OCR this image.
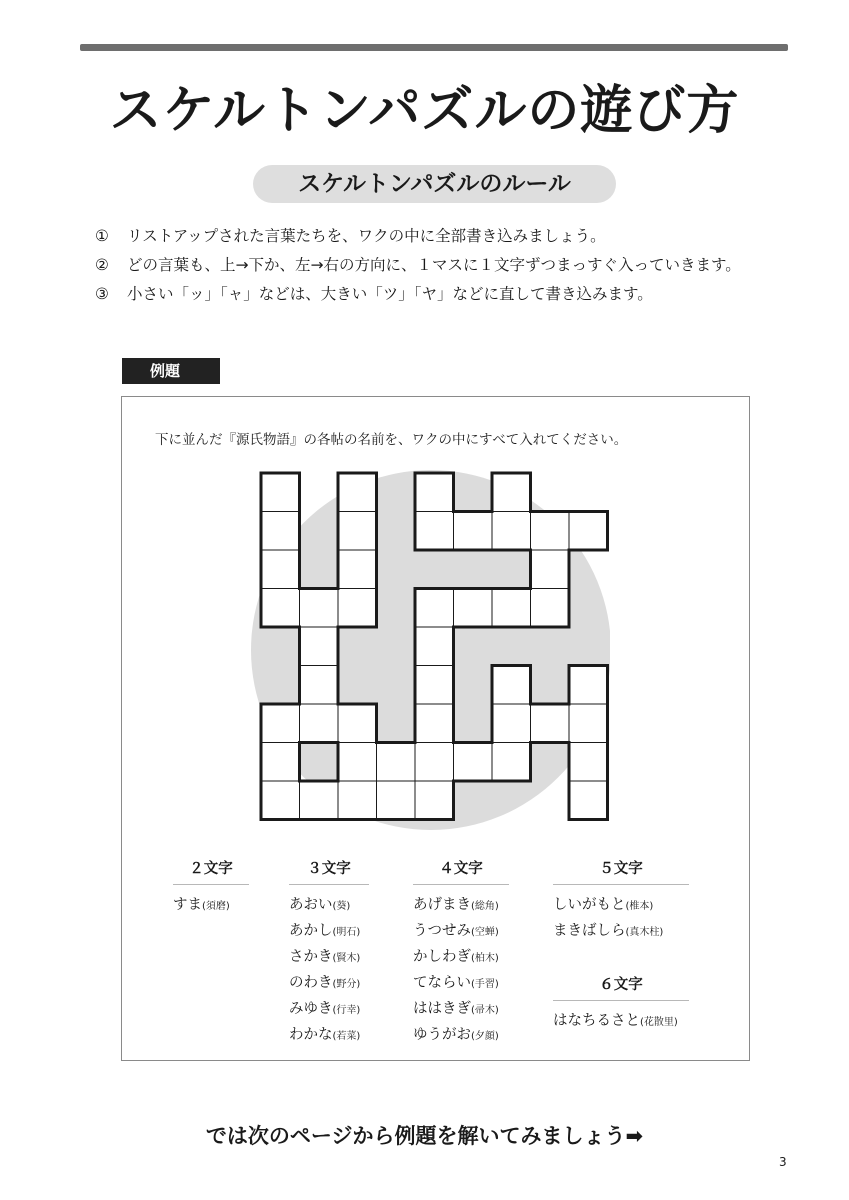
スケルトンパズルの遊び方
スケルトンパズルのルール
① リストアップされた言葉たちを、ワクの中に全部書き込みましょう。
② どの言葉も、上→下か、左→右の方向に、１マスに１文字ずつまっすぐ入っていきます。
③ 小さい「ッ」「ャ」などは、大きい「ツ」「ヤ」などに直して書き込みます。
例題
下に並んだ『源氏物語』の各帖の名前を、ワクの中にすべて入れてください。
２文字
すま(須磨)
３文字
あおい(葵)
あかし(明石)
さかき(賢木)
のわき(野分)
みゆき(行幸)
わかな(若菜)
４文字
あげまき(総角)
うつせみ(空蝉)
かしわぎ(柏木)
てならい(手習)
ははきぎ(帚木)
ゆうがお(夕顔)
５文字
しいがもと(椎本)
まきばしら(真木柱)
６文字
はなちるさと(花散里)
では次のページから例題を解いてみましょう➡
3
